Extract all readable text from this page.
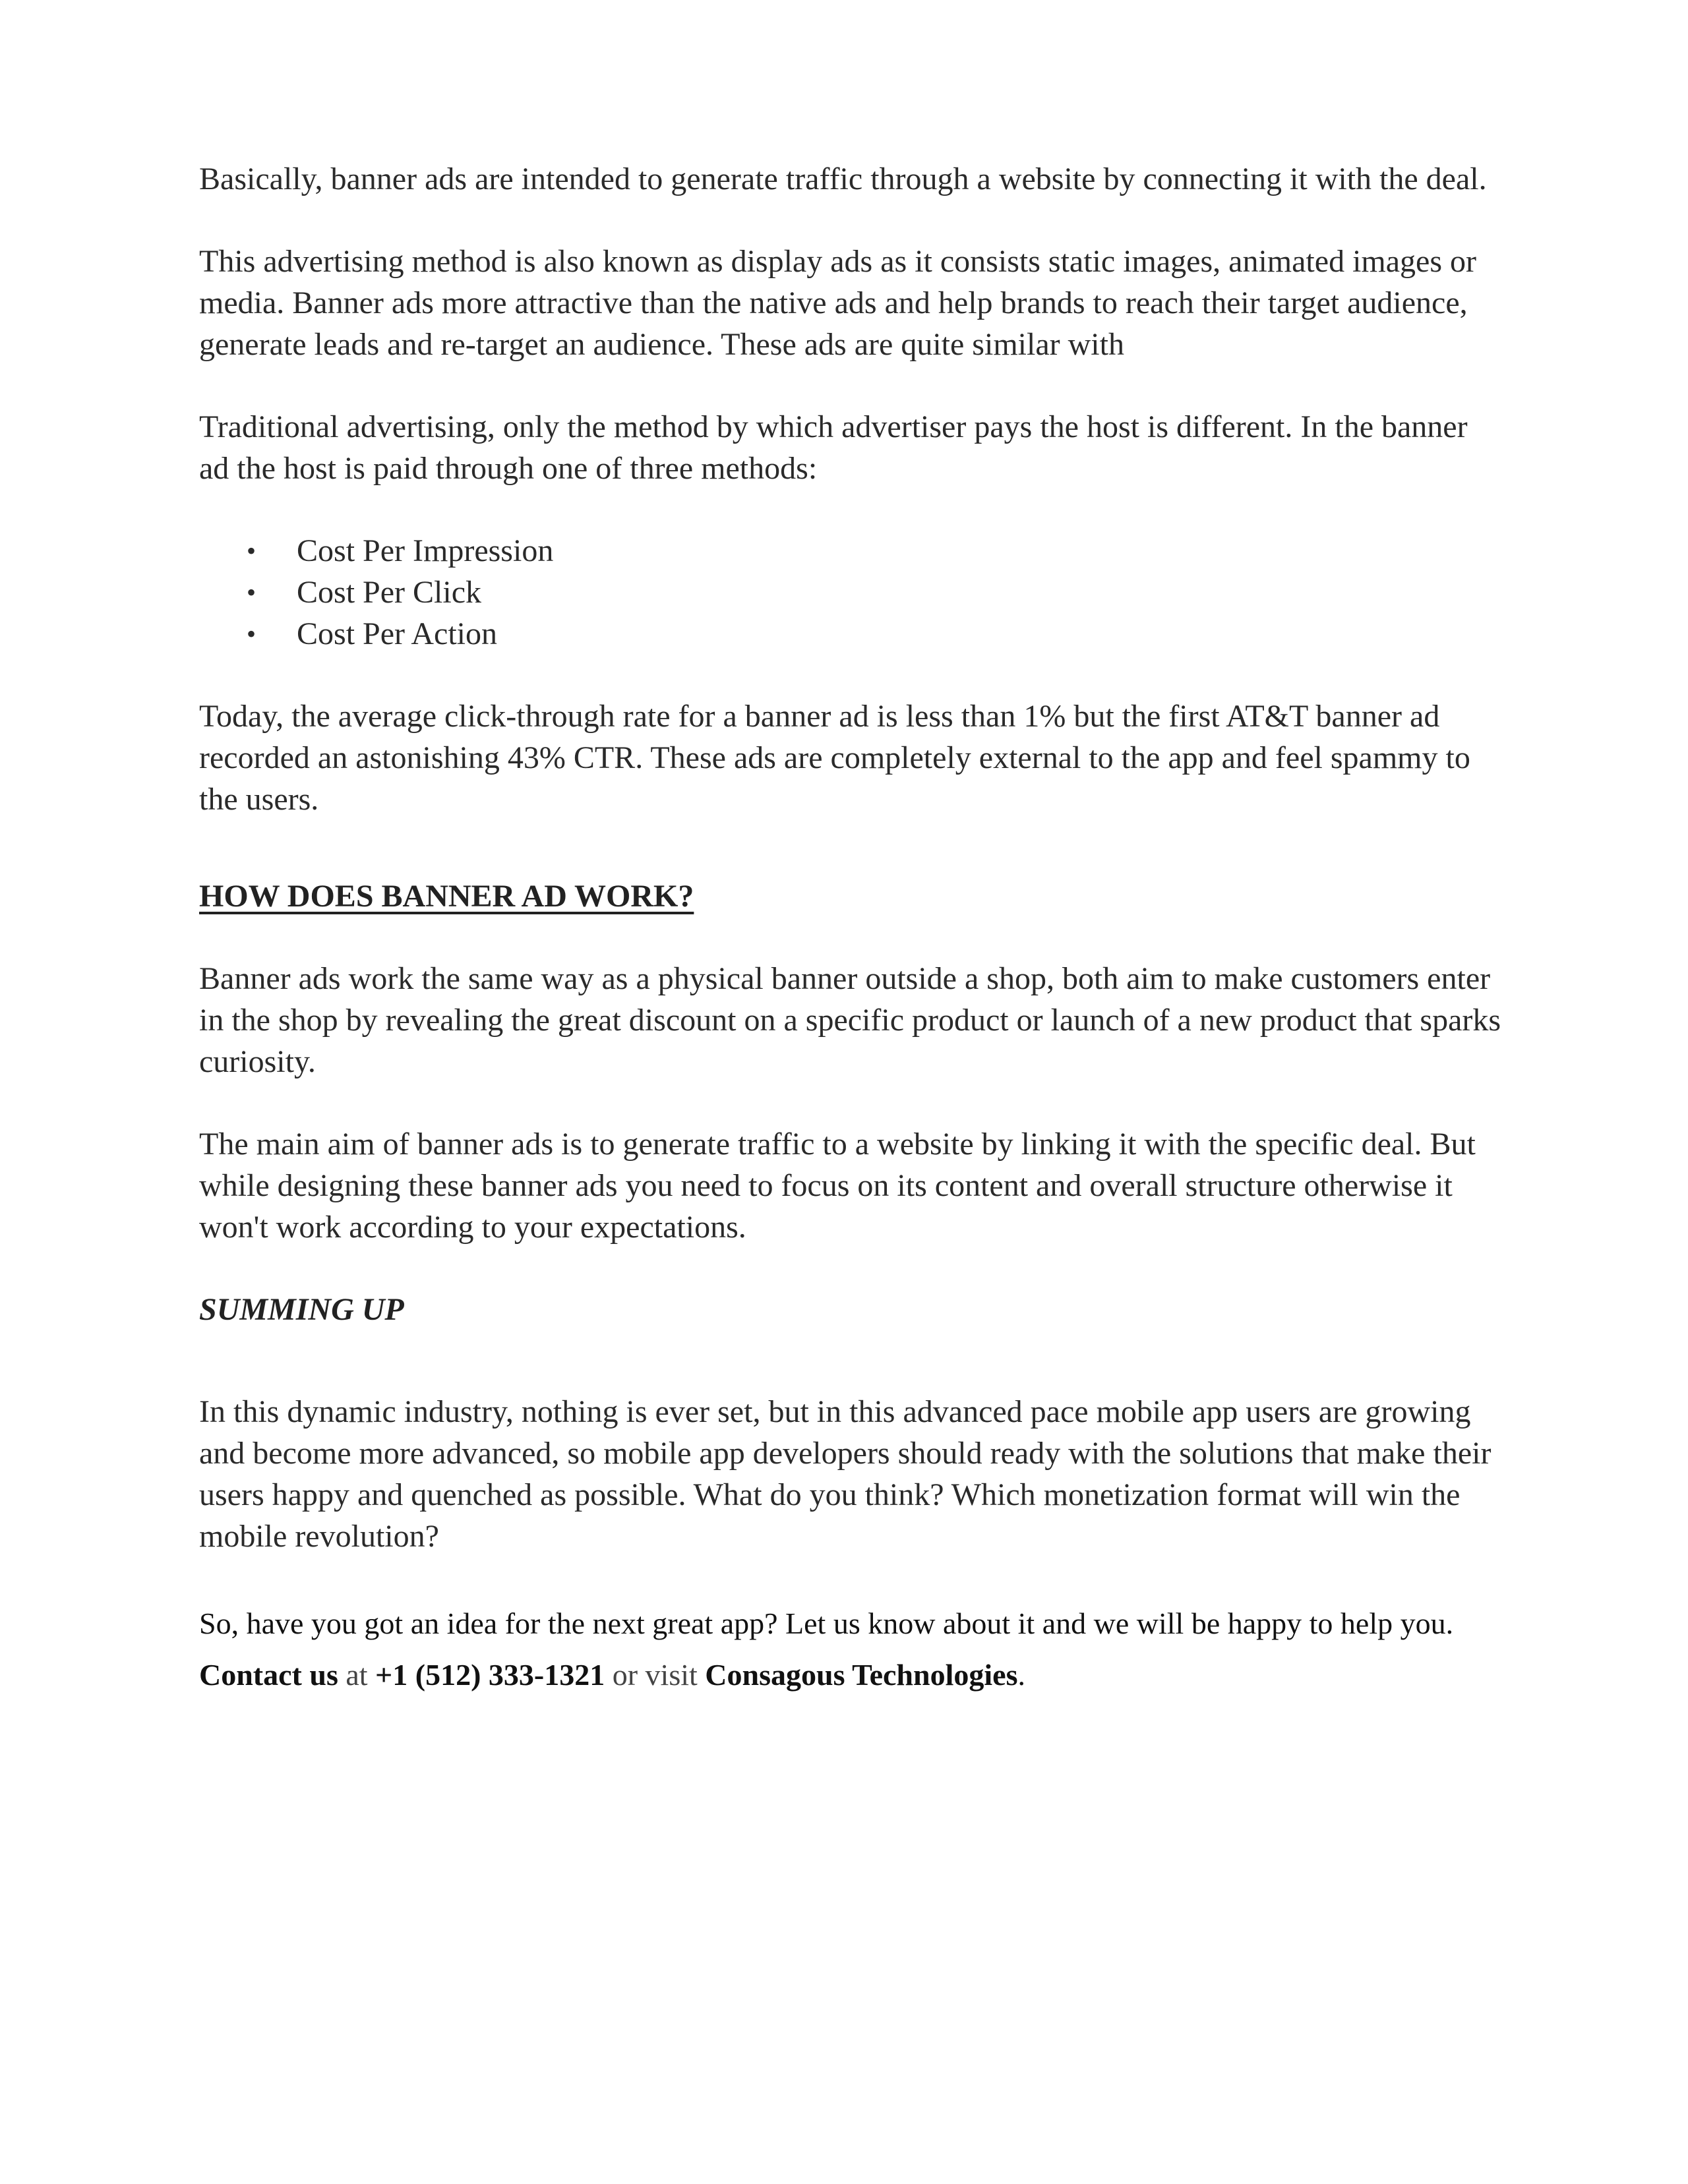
Basically, banner ads are intended to generate traffic through a website by connecting it with the deal.

This advertising method is also known as display ads as it consists static images, animated images or media. Banner ads more attractive than the native ads and help brands to reach their target audience, generate leads and re-target an audience. These ads are quite similar with

Traditional advertising, only the method by which advertiser pays the host is different. In the banner ad the host is paid through one of three methods:

• Cost Per Impression
• Cost Per Click
• Cost Per Action

Today, the average click-through rate for a banner ad is less than 1% but the first AT&T banner ad recorded an astonishing 43% CTR. These ads are completely external to the app and feel spammy to the users.

HOW DOES BANNER AD WORK?

Banner ads work the same way as a physical banner outside a shop, both aim to make customers enter in the shop by revealing the great discount on a specific product or launch of a new product that sparks curiosity.

The main aim of banner ads is to generate traffic to a website by linking it with the specific deal. But while designing these banner ads you need to focus on its content and overall structure otherwise it won't work according to your expectations.

SUMMING UP

In this dynamic industry, nothing is ever set, but in this advanced pace mobile app users are growing and become more advanced, so mobile app developers should ready with the solutions that make their users happy and quenched as possible. What do you think? Which monetization format will win the mobile revolution?

So, have you got an idea for the next great app? Let us know about it and we will be happy to help you. Contact us at +1 (512) 333-1321 or visit Consagous Technologies.
